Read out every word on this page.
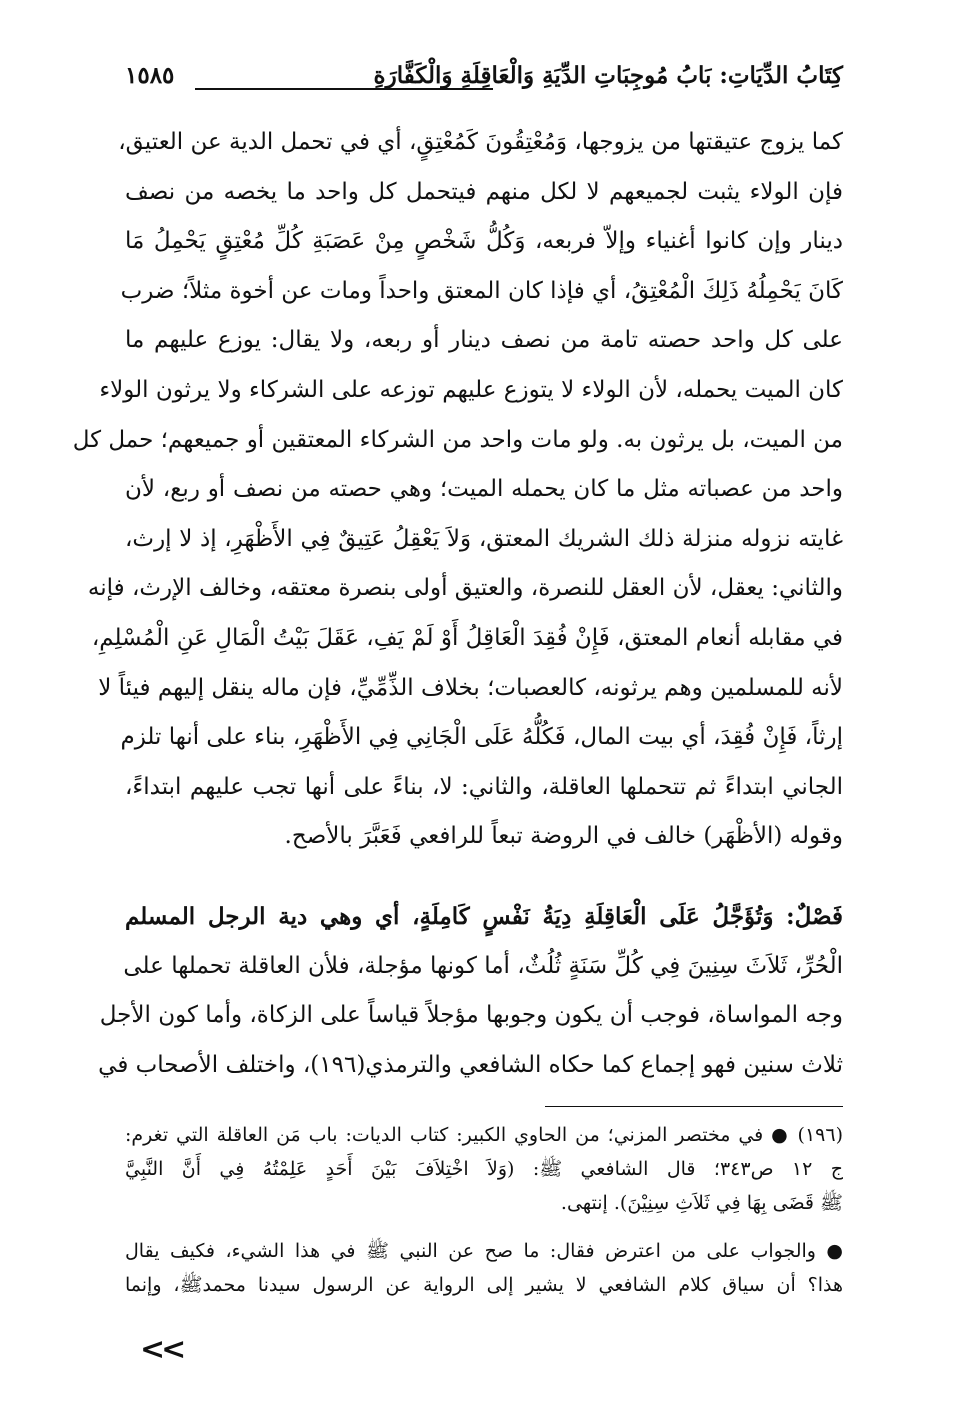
كِتَابُ الدِّيَاتِ: بَابُ مُوجِبَاتِ الدِّيَةِ وَالْعَاقِلَةِ وَالْكَفَّارَةِ
١٥٨٥
كما يزوج عتيقتها من يزوجها، وَمُعْتِقُونَ كَمُعْتِقٍ، أي في تحمل الدية عن العتيق،
فإن الولاء يثبت لجميعهم لا لكل منهم فيتحمل كل واحد ما يخصه من نصف
دينار وإن كانوا أغنياء وإلاّ فربعه، وَكُلُّ شَخْصٍ مِنْ عَصَبَةِ كُلِّ مُعْتِقٍ يَحْمِلُ مَا
كَانَ يَحْمِلُهُ ذَلِكَ الْمُعْتِقُ، أي فإذا كان المعتق واحداً ومات عن أخوة مثلاً؛ ضرب
على كل واحد حصته تامة من نصف دينار أو ربعه، ولا يقال: يوزع عليهم ما
كان الميت يحمله، لأن الولاء لا يتوزع عليهم توزعه على الشركاء ولا يرثون الولاء
من الميت، بل يرثون به. ولو مات واحد من الشركاء المعتقين أو جميعهم؛ حمل كل
واحد من عصباته مثل ما كان يحمله الميت؛ وهي حصته من نصف أو ربع، لأن
غايته نزوله منزلة ذلك الشريك المعتق، وَلاَ يَعْقِلُ عَتِيقٌ فِي الأَظْهَرِ، إذ لا إرث،
والثاني: يعقل، لأن العقل للنصرة، والعتيق أولى بنصرة معتقه، وخالف الإرث، فإنه
في مقابله أنعام المعتق، فَإِنْ فُقِدَ الْعَاقِلُ أَوْ لَمْ يَفِ، عَقَلَ بَيْتُ الْمَالِ عَنِ الْمُسْلِمِ،
لأنه للمسلمين وهم يرثونه، كالعصبات؛ بخلاف الذِّمِّيِّ، فإن ماله ينقل إليهم فيئاً لا
إرثاً، فَإِنْ فُقِدَ، أي بيت المال، فَكُلُّهُ عَلَى الْجَانِي فِي الأَظْهَرِ، بناء على أنها تلزم
الجاني ابتداءً ثم تتحملها العاقلة، والثاني: لا، بناءً على أنها تجب عليهم ابتداءً،
وقوله (الأظْهَر) خالف في الروضة تبعاً للرافعي فَعَبَّرَ بالأصح.
فَصْلٌ: وَتُؤَجَّلُ عَلَى الْعَاقِلَةِ دِيَةُ نَفْسٍ كَامِلَةٍ، أي وهي دية الرجل المسلم
الْحُرِّ، ثَلاَثَ سِنِينَ فِي كُلِّ سَنَةٍ ثُلُثٌ، أما كونها مؤجلة، فلأن العاقلة تحملها على
وجه المواساة، فوجب أن يكون وجوبها مؤجلاً قياساً على الزكاة، وأما كون الأجل
ثلاث سنين فهو إجماع كما حكاه الشافعي والترمذي(١٩٦)، واختلف الأصحاب في
(١٩٦) ● في مختصر المزني؛ من الحاوي الكبير: كتاب الديات: باب مَن العاقلة التي تغرم:
ج ١٢ ص٣٤٣؛ قال الشافعي ﷺ: (وَلاَ اخْتِلاَفَ بَيْنَ أَحَدٍ عَلِمْتُهُ فِي أَنَّ النَّبِيَّ
ﷺ قَضَى بِهَا فِي ثَلاَثِ سِنِيْنَ). إنتهى.
● والجواب على من اعترض فقال: ما صح عن النبي ﷺ في هذا الشيء، فكيف يقال
هذا؟ أن سياق كلام الشافعي لا يشير إلى الرواية عن الرسول سيدنا محمدﷺ، وإنما
<<
